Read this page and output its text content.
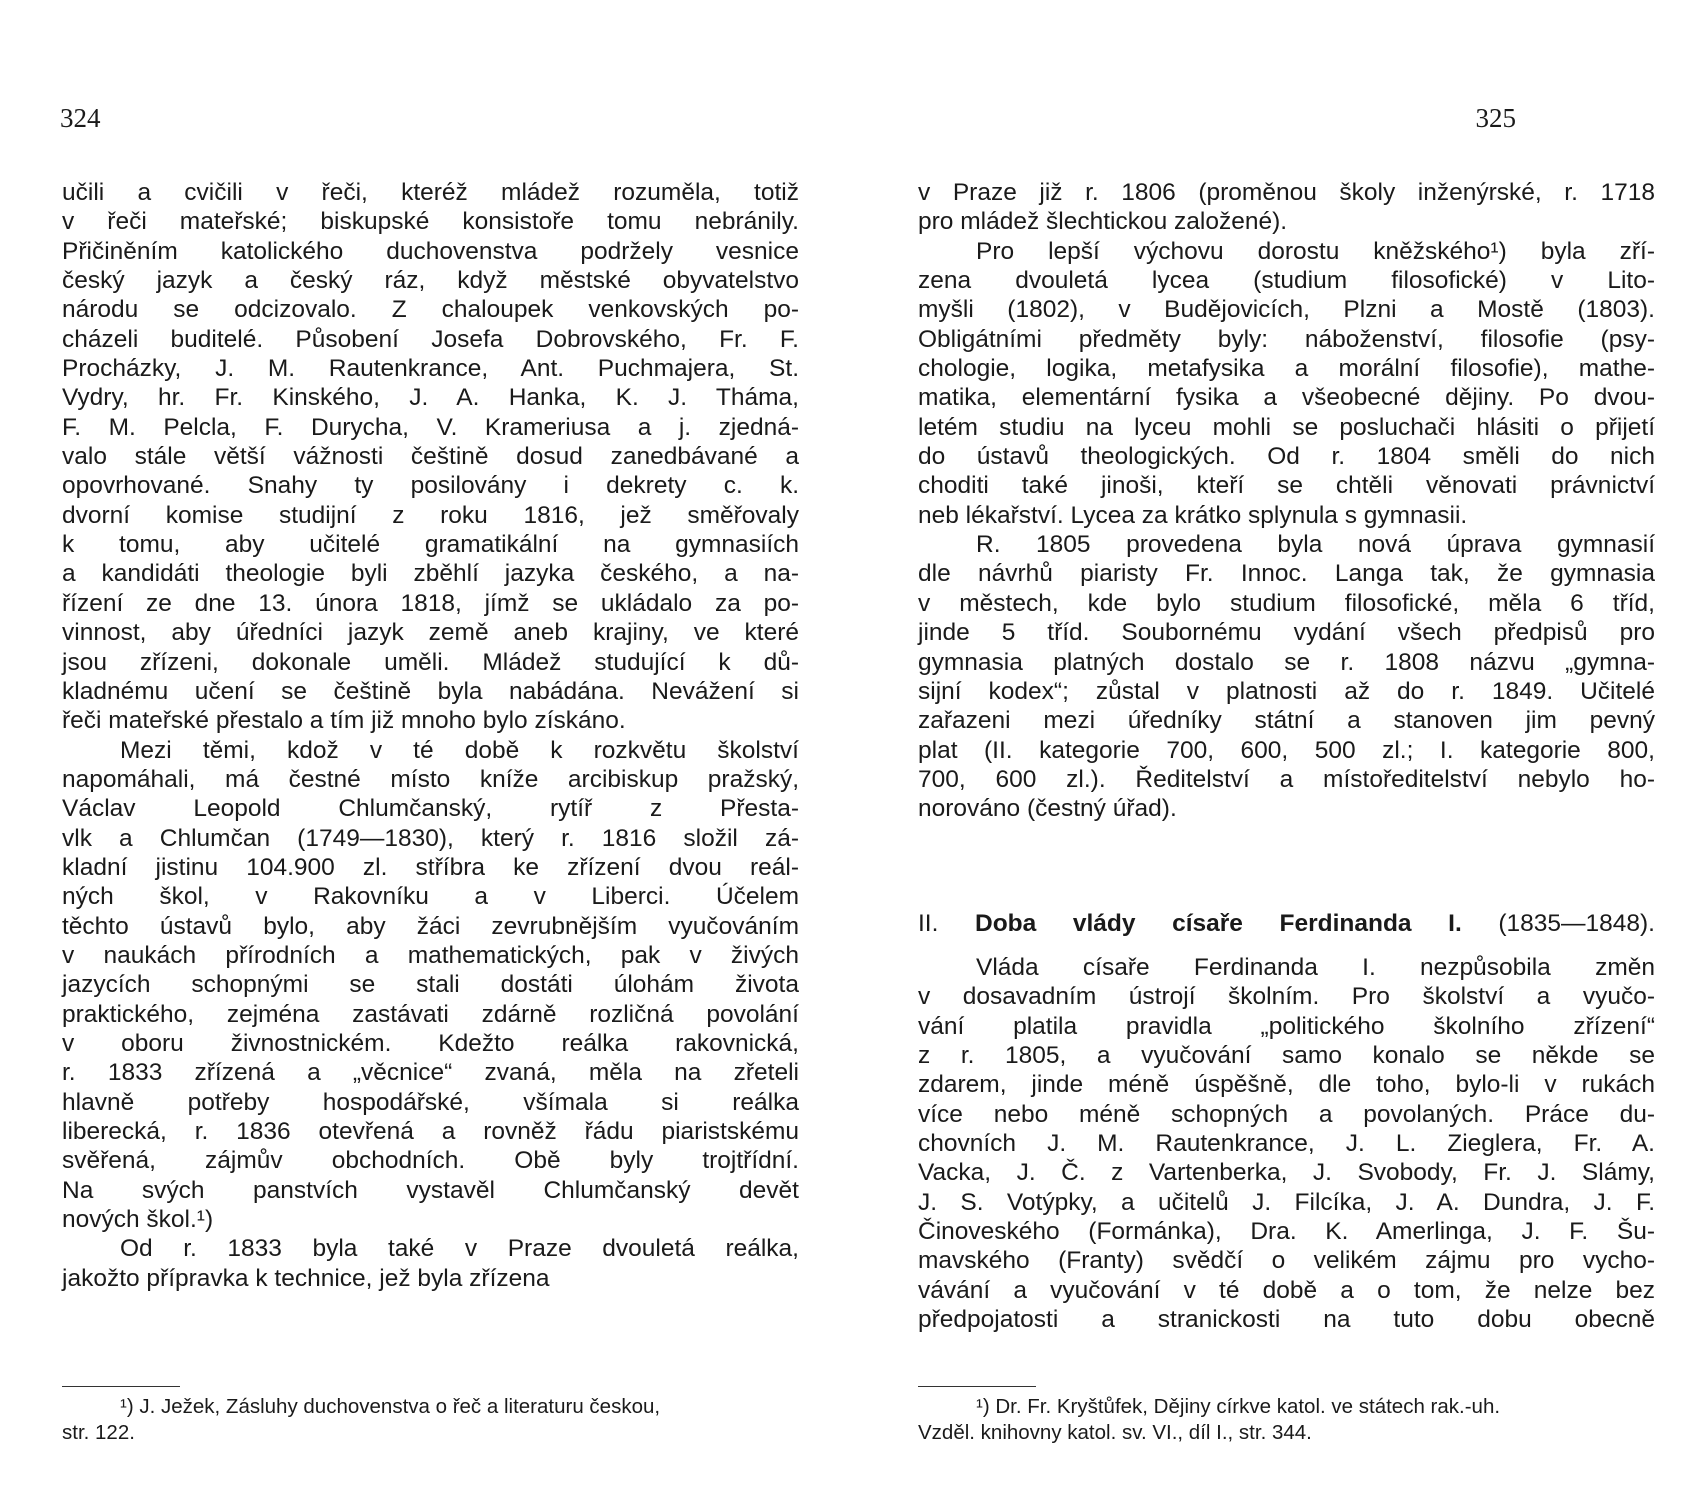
324	325
učili a cvičili v řeči, kteréž mládež rozuměla, totiž
v řeči mateřské; biskupské konsistoře tomu nebránily.
Přičiněním katolického duchovenstva podržely vesnice
český jazyk a český ráz, když městské obyvatelstvo
národu se odcizovalo. Z chaloupek venkovských po-
cházeli buditelé. Působení Josefa Dobrovského, Fr. F.
Procházky, J. M. Rautenkrance, Ant. Puchmajera, St.
Vydry, hr. Fr. Kinského, J. A. Hanka, K. J. Tháma,
F. M. Pelcla, F. Durycha, V. Krameriusa a j. zjedná-
valo stále větší vážnosti češtině dosud zanedbávané a
opovrhované. Snahy ty posilovány i dekrety c. k.
dvorní komise studijní z roku 1816, jež směřovaly
k tomu, aby učitelé gramatikální na gymnasiích
a kandidáti theologie byli zběhlí jazyka českého, a na-
řízení ze dne 13. února 1818, jímž se ukládalo za po-
vinnost, aby úředníci jazyk země aneb krajiny, ve které
jsou zřízeni, dokonale uměli. Mládež studující k dů-
kladnému učení se češtině byla nabádána. Nevážení si
řeči mateřské přestalo a tím již mnoho bylo získáno.
Mezi těmi, kdož v té době k rozkvětu školství
napomáhali, má čestné místo kníže arcibiskup pražský,
Václav Leopold Chlumčanský, rytíř z Přesta-
vlk a Chlumčan (1749—1830), který r. 1816 složil zá-
kladní jistinu 104.900 zl. stříbra ke zřízení dvou reál-
ných škol, v Rakovníku a v Liberci. Účelem
těchto ústavů bylo, aby žáci zevrubnějším vyučováním
v naukách přírodních a mathematických, pak v živých
jazycích schopnými se stali dostáti úlohám života
praktického, zejména zastávati zdárně rozličná povolání
v oboru živnostnickém. Kdežto reálka rakovnická,
r. 1833 zřízená a „věcnice“ zvaná, měla na zřeteli
hlavně potřeby hospodářské, všímala si reálka
liberecká, r. 1836 otevřená a rovněž řádu piaristskému
svěřená, zájmův obchodních. Obě byly trojtřídní.
Na svých panstvích vystavěl Chlumčanský devět
nových škol.¹)
Od r. 1833 byla také v Praze dvouletá reálka,
jakožto přípravka k technice, jež byla zřízena
v Praze již r. 1806 (proměnou školy inženýrské, r. 1718
pro mládež šlechtickou založené).
Pro lepší výchovu dorostu kněžského¹) byla zří-
zena dvouletá lycea (studium filosofické) v Lito-
myšli (1802), v Budějovicích, Plzni a Mostě (1803).
Obligátními předměty byly: náboženství, filosofie (psy-
chologie, logika, metafysika a morální filosofie), mathe-
matika, elementární fysika a všeobecné dějiny. Po dvou-
letém studiu na lyceu mohli se posluchači hlásiti o přijetí
do ústavů theologických. Od r. 1804 směli do nich
choditi také jinoši, kteří se chtěli věnovati právnictví
neb lékařství. Lycea za krátko splynula s gymnasii.
R. 1805 provedena byla nová úprava gymnasií
dle návrhů piaristy Fr. Innoc. Langa tak, že gymnasia
v městech, kde bylo studium filosofické, měla 6 tříd,
jinde 5 tříd. Soubornému vydání všech předpisů pro
gymnasia platných dostalo se r. 1808 názvu „gymna-
sijní kodex“; zůstal v platnosti až do r. 1849. Učitelé
zařazeni mezi úředníky státní a stanoven jim pevný
plat (II. kategorie 700, 600, 500 zl.; I. kategorie 800,
700, 600 zl.). Ředitelství a místoředitelství nebylo ho-
norováno (čestný úřad).
II. Doba vlády císaře Ferdinanda I. (1835—1848).
Vláda císaře Ferdinanda I. nezpůsobila změn
v dosavadním ústrojí školním. Pro školství a vyučo-
vání platila pravidla „politického školního zřízení“
z r. 1805, a vyučování samo konalo se někde se
zdarem, jinde méně úspěšně, dle toho, bylo-li v rukách
více nebo méně schopných a povolaných. Práce du-
chovních J. M. Rautenkrance, J. L. Zieglera, Fr. A.
Vacka, J. Č. z Vartenberka, J. Svobody, Fr. J. Slámy,
J. S. Votýpky, a učitelů J. Filcíka, J. A. Dundra, J. F.
Činoveského (Formánka), Dra. K. Amerlinga, J. F. Šu-
mavského (Franty) svědčí o velikém zájmu pro vycho-
vávání a vyučování v té době a o tom, že nelze bez
předpojatosti a stranickosti na tuto dobu obecně
¹) J. Ježek, Zásluhy duchovenstva o řeč a literaturu českou,
str. 122.
¹) Dr. Fr. Kryštůfek, Dějiny církve katol. ve státech rak.-uh.
Vzděl. knihovny katol. sv. VI., díl I., str. 344.
